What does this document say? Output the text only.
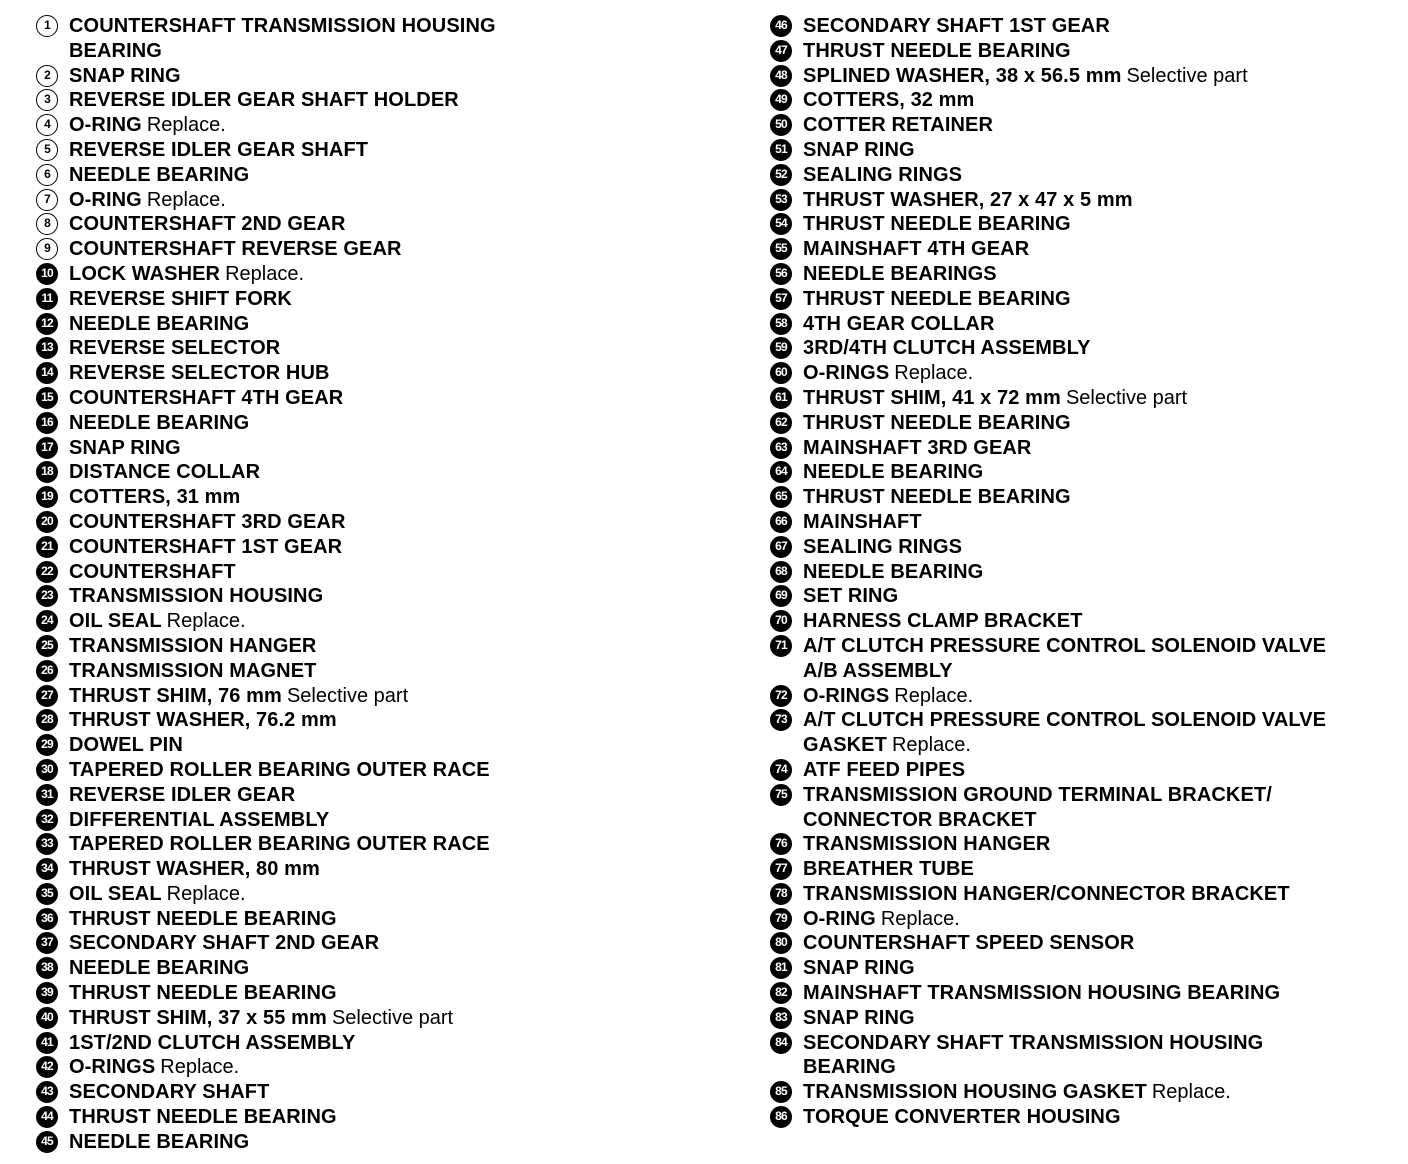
1 COUNTERSHAFT TRANSMISSION HOUSING BEARING
2 SNAP RING
3 REVERSE IDLER GEAR SHAFT HOLDER
4 O-RING Replace.
5 REVERSE IDLER GEAR SHAFT
6 NEEDLE BEARING
7 O-RING Replace.
8 COUNTERSHAFT 2ND GEAR
9 COUNTERSHAFT REVERSE GEAR
10 LOCK WASHER Replace.
11 REVERSE SHIFT FORK
12 NEEDLE BEARING
13 REVERSE SELECTOR
14 REVERSE SELECTOR HUB
15 COUNTERSHAFT 4TH GEAR
16 NEEDLE BEARING
17 SNAP RING
18 DISTANCE COLLAR
19 COTTERS, 31 mm
20 COUNTERSHAFT 3RD GEAR
21 COUNTERSHAFT 1ST GEAR
22 COUNTERSHAFT
23 TRANSMISSION HOUSING
24 OIL SEAL Replace.
25 TRANSMISSION HANGER
26 TRANSMISSION MAGNET
27 THRUST SHIM, 76 mm Selective part
28 THRUST WASHER, 76.2 mm
29 DOWEL PIN
30 TAPERED ROLLER BEARING OUTER RACE
31 REVERSE IDLER GEAR
32 DIFFERENTIAL ASSEMBLY
33 TAPERED ROLLER BEARING OUTER RACE
34 THRUST WASHER, 80 mm
35 OIL SEAL Replace.
36 THRUST NEEDLE BEARING
37 SECONDARY SHAFT 2ND GEAR
38 NEEDLE BEARING
39 THRUST NEEDLE BEARING
40 THRUST SHIM, 37 x 55 mm Selective part
41 1ST/2ND CLUTCH ASSEMBLY
42 O-RINGS Replace.
43 SECONDARY SHAFT
44 THRUST NEEDLE BEARING
45 NEEDLE BEARING
46 SECONDARY SHAFT 1ST GEAR
47 THRUST NEEDLE BEARING
48 SPLINED WASHER, 38 x 56.5 mm Selective part
49 COTTERS, 32 mm
50 COTTER RETAINER
51 SNAP RING
52 SEALING RINGS
53 THRUST WASHER, 27 x 47 x 5 mm
54 THRUST NEEDLE BEARING
55 MAINSHAFT 4TH GEAR
56 NEEDLE BEARINGS
57 THRUST NEEDLE BEARING
58 4TH GEAR COLLAR
59 3RD/4TH CLUTCH ASSEMBLY
60 O-RINGS Replace.
61 THRUST SHIM, 41 x 72 mm Selective part
62 THRUST NEEDLE BEARING
63 MAINSHAFT 3RD GEAR
64 NEEDLE BEARING
65 THRUST NEEDLE BEARING
66 MAINSHAFT
67 SEALING RINGS
68 NEEDLE BEARING
69 SET RING
70 HARNESS CLAMP BRACKET
71 A/T CLUTCH PRESSURE CONTROL SOLENOID VALVE A/B ASSEMBLY
72 O-RINGS Replace.
73 A/T CLUTCH PRESSURE CONTROL SOLENOID VALVE GASKET Replace.
74 ATF FEED PIPES
75 TRANSMISSION GROUND TERMINAL BRACKET/ CONNECTOR BRACKET
76 TRANSMISSION HANGER
77 BREATHER TUBE
78 TRANSMISSION HANGER/CONNECTOR BRACKET
79 O-RING Replace.
80 COUNTERSHAFT SPEED SENSOR
81 SNAP RING
82 MAINSHAFT TRANSMISSION HOUSING BEARING
83 SNAP RING
84 SECONDARY SHAFT TRANSMISSION HOUSING BEARING
85 TRANSMISSION HOUSING GASKET Replace.
86 TORQUE CONVERTER HOUSING
